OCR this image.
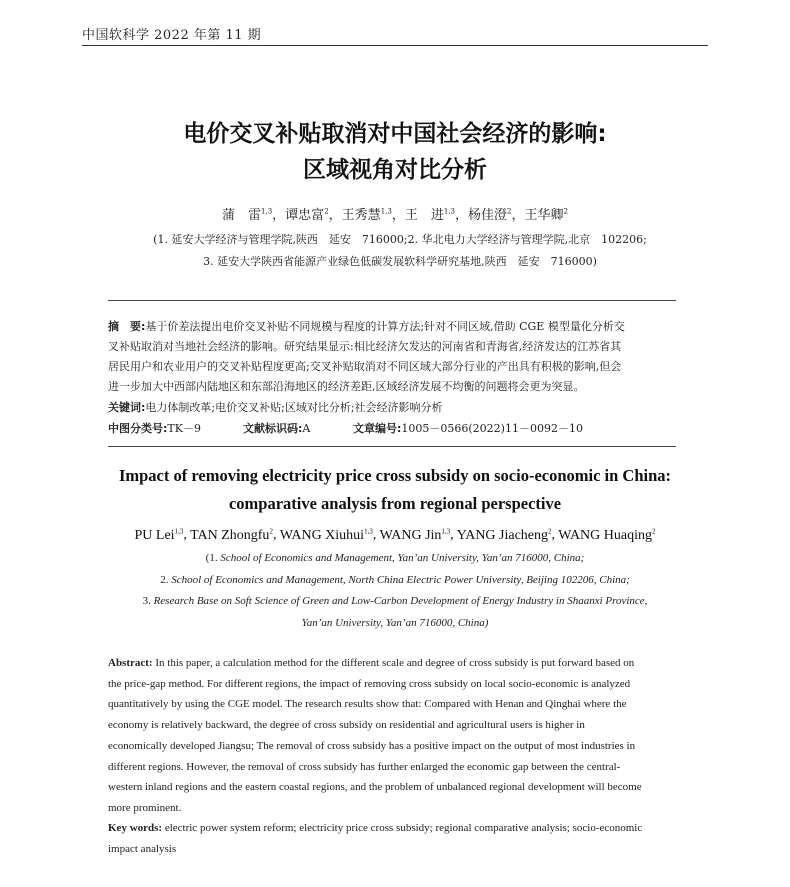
中国软科学 2022 年第 11 期
电价交叉补贴取消对中国社会经济的影响:
区域视角对比分析
蒲　雷$^{1,3}$，谭忠富$^2$，王秀慧$^{1,3}$，王　进$^{1,3}$，杨佳澄$^2$，王华卿$^2$
(1. 延安大学经济与管理学院,陕西　延安　716000;2. 华北电力大学经济与管理学院,北京　102206;
3. 延安大学陕西省能源产业绿色低碳发展软科学研究基地,陕西　延安　716000)
摘　要:基于价差法提出电价交叉补贴不同规模与程度的计算方法;针对不同区域,借助 CGE 模型量化分析交
叉补贴取消对当地社会经济的影响。研究结果显示:相比经济欠发达的河南省和青海省,经济发达的江苏省其
居民用户和农业用户的交叉补贴程度更高;交叉补贴取消对不同区域大部分行业的产出具有积极的影响,但会
进一步加大中西部内陆地区和东部沿海地区的经济差距,区域经济发展不均衡的问题将会更为突显。
关键词:电力体制改革;电价交叉补贴;区域对比分析;社会经济影响分析
中图分类号:TK－9	文献标识码:A	文章编号:1005－0566(2022)11－0092－10
Impact of removing electricity price cross subsidy on socio-economic in China:
comparative analysis from regional perspective
PU Lei$^{1,3}$, TAN Zhongfu$^2$, WANG Xiuhui$^{1,3}$, WANG Jin$^{1,3}$, YANG Jiacheng$^2$, WANG Huaqing$^2$
(1. School of Economics and Management, Yan’an University, Yan’an 716000, China;
2. School of Economics and Management, North China Electric Power University, Beijing 102206, China;
3. Research Base on Soft Science of Green and Low-Carbon Development of Energy Industry in Shaanxi Province,
Yan’an University, Yan’an 716000, China)
Abstract: In this paper, a calculation method for the different scale and degree of cross subsidy is put forward based on
the price-gap method. For different regions, the impact of removing cross subsidy on local socio-economic is analyzed
quantitatively by using the CGE model. The research results show that: Compared with Henan and Qinghai where the
economy is relatively backward, the degree of cross subsidy on residential and agricultural users is higher in
economically developed Jiangsu; The removal of cross subsidy has a positive impact on the output of most industries in
different regions. However, the removal of cross subsidy has further enlarged the economic gap between the central-
western inland regions and the eastern coastal regions, and the problem of unbalanced regional development will become
more prominent.
Key words: electric power system reform; electricity price cross subsidy; regional comparative analysis; socio-economic
impact analysis
